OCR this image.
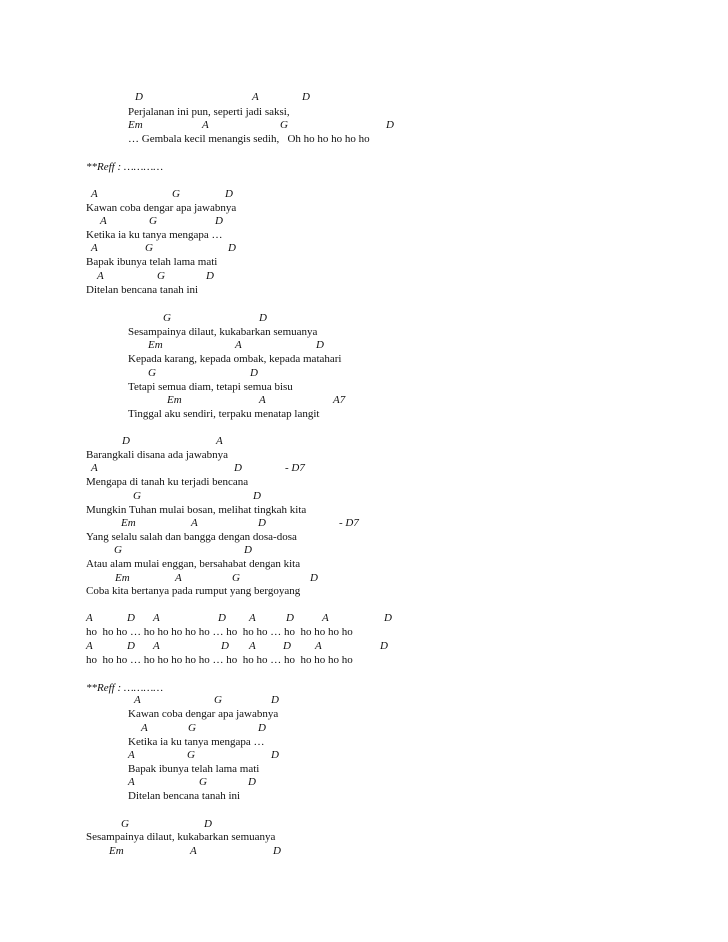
D	A	D
Perjalanan ini pun, seperti jadi saksi,
Em	A	G	D
… Gembala kecil menangis sedih,   Oh ho ho ho ho ho
**Reff : …………
A	G	D
Kawan coba dengar apa jawabnya
A	G	D
Ketika ia ku tanya mengapa …
A	G	D
Bapak ibunya telah lama mati
A	G	D
Ditelan bencana tanah ini
G	D
Sesampainya dilaut, kukabarkan semuanya
Em	A	D
Kepada karang, kepada ombak, kepada matahari
G	D
Tetapi semua diam, tetapi semua bisu
Em	A	A7
Tinggal aku sendiri, terpaku menatap langit
D	A
Barangkali disana ada jawabnya
A	D	- D7
Mengapa di tanah ku terjadi bencana
G	D
Mungkin Tuhan mulai bosan, melihat tingkah kita
Em	A	D	- D7
Yang selalu salah dan bangga dengan dosa-dosa
G	D
Atau alam mulai enggan, bersahabat dengan kita
Em	A	G	D
Coba kita bertanya pada rumput yang bergoyang
A	D A	D A	D	A	D
ho  ho ho … ho ho ho ho ho … ho  ho ho … ho  ho ho ho ho
A	D A	D A D A	D
ho  ho ho … ho ho ho ho ho … ho  ho ho … ho  ho ho ho ho
**Reff : …………
A	G	D
Kawan coba dengar apa jawabnya
A	G	D
Ketika ia ku tanya mengapa …
A	G	D
Bapak ibunya telah lama mati
A	G	D
Ditelan bencana tanah ini
G	D
Sesampainya dilaut, kukabarkan semuanya
Em	A	D
